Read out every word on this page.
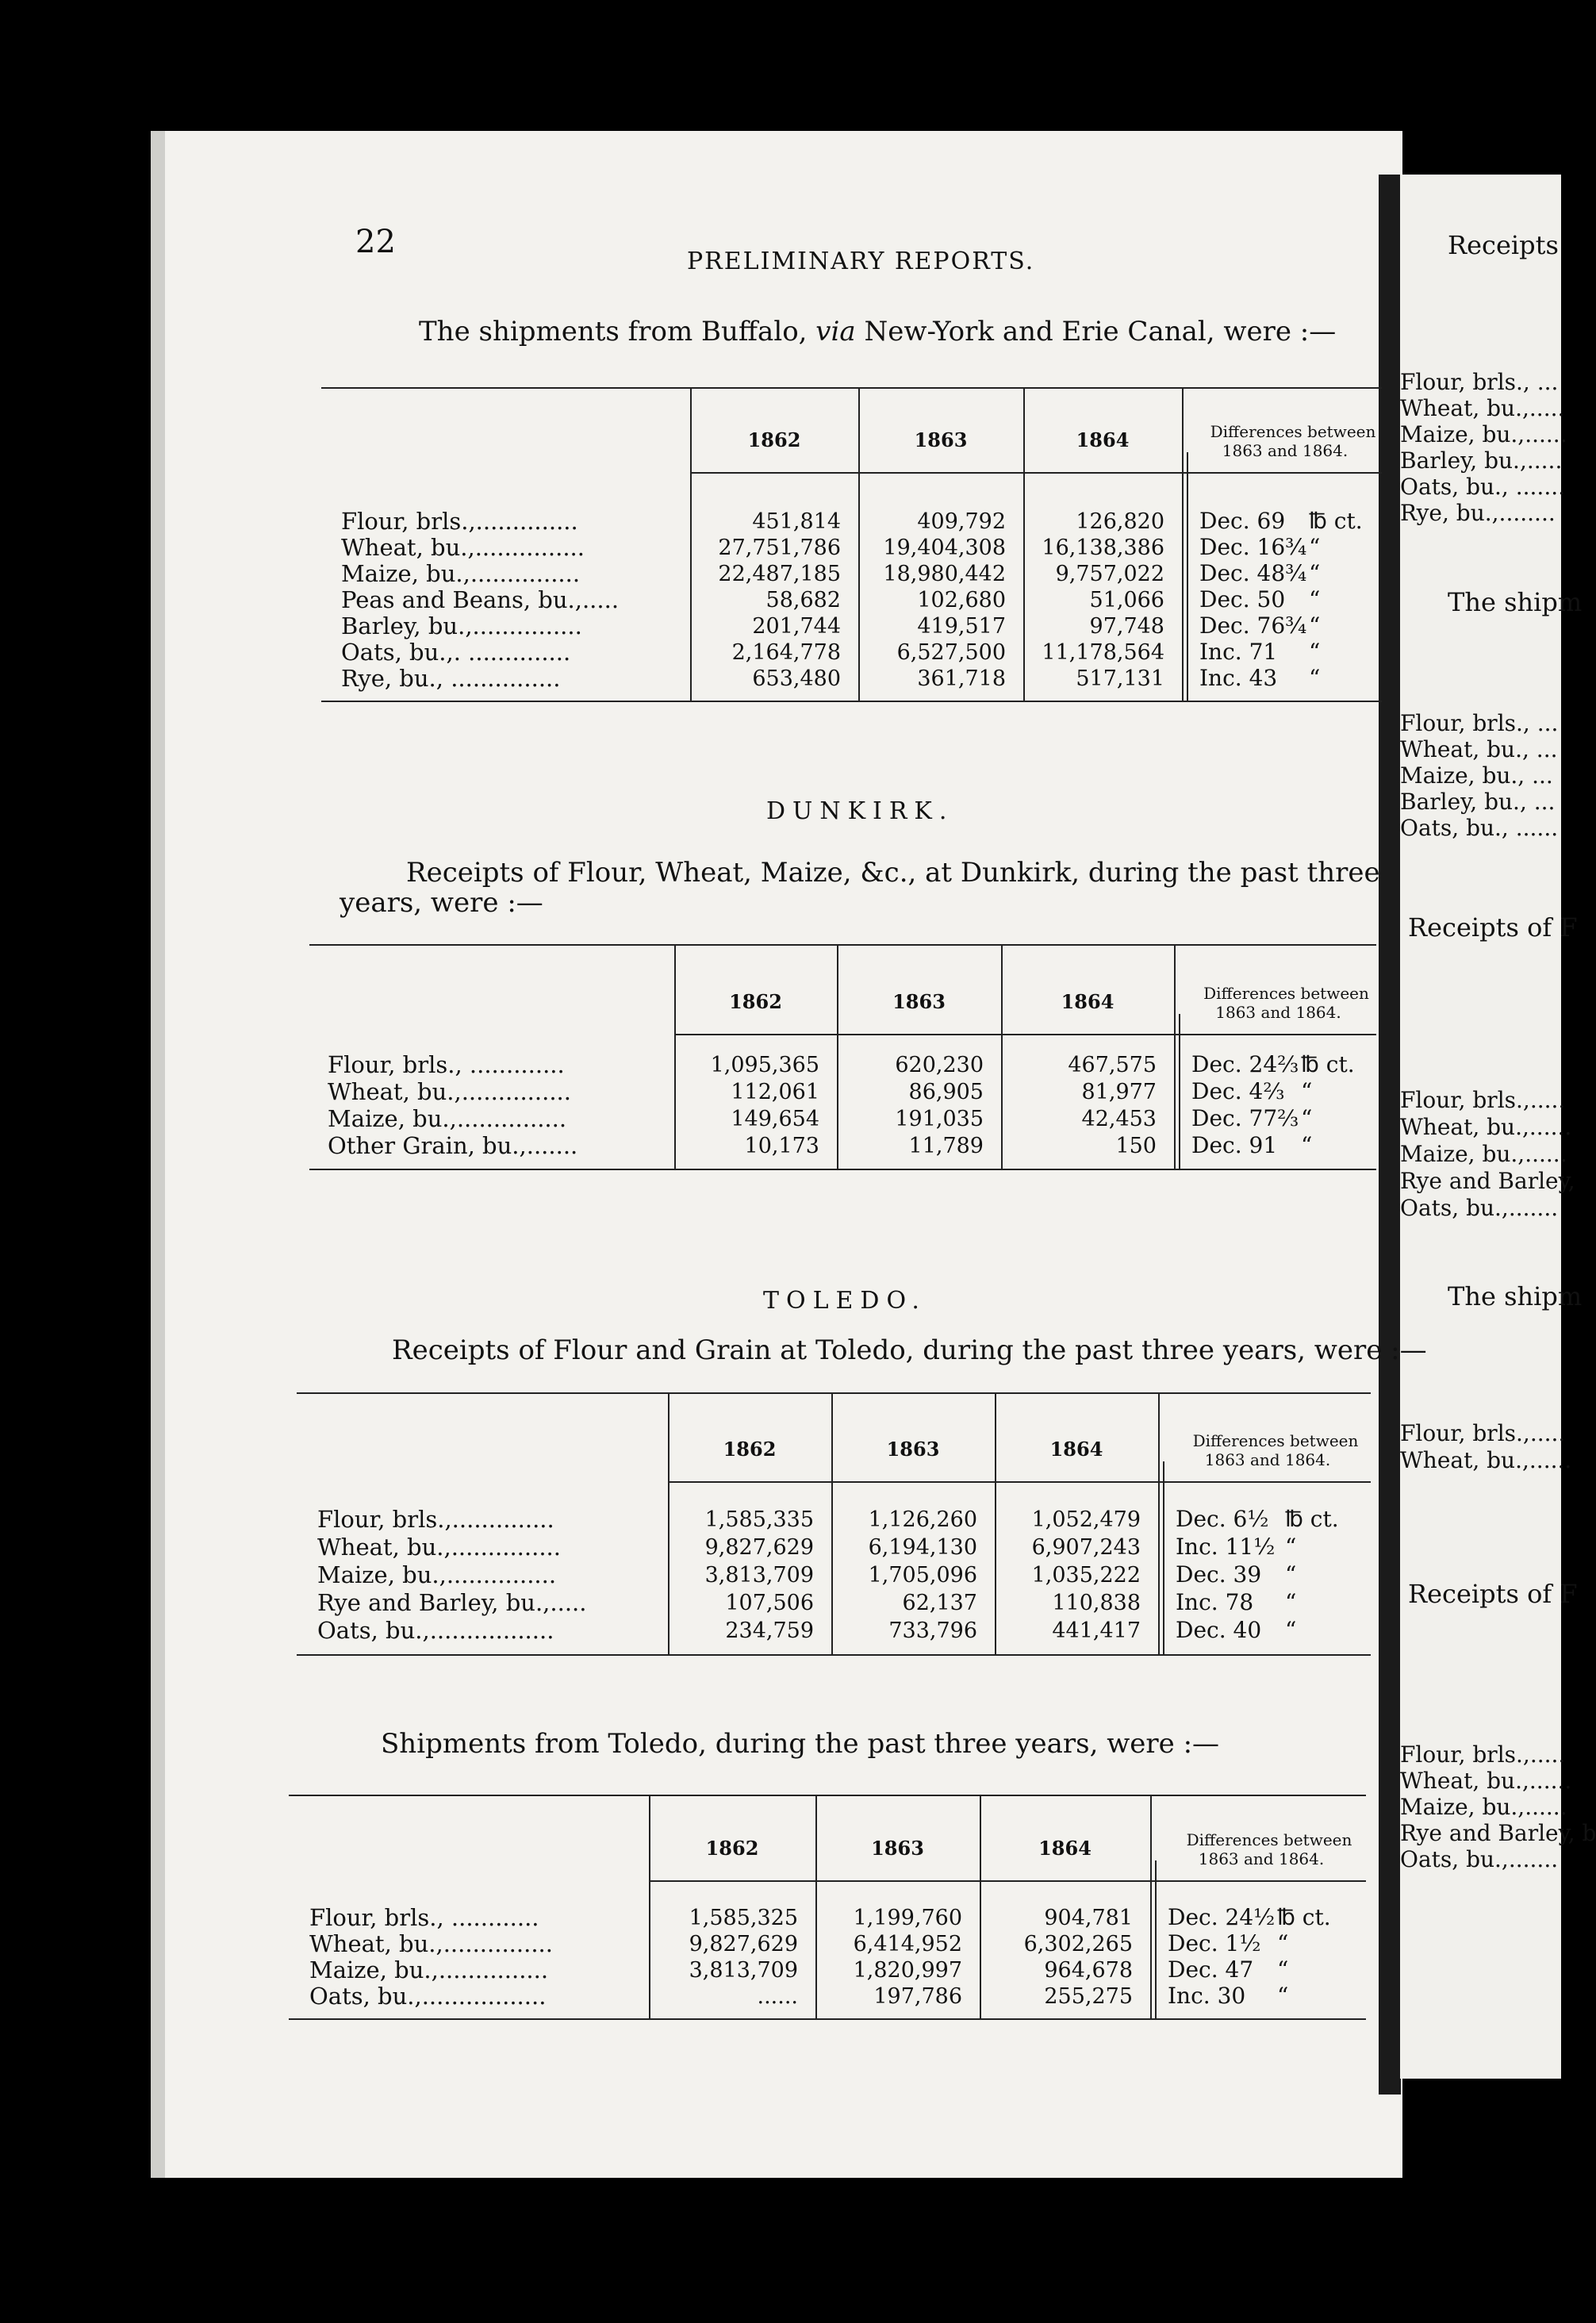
Receipts
Flour, brls., ...
Wheat, bu.,.....
Maize, bu.,......
Barley, bu.,.....
Oats, bu., .......
Rye, bu.,........
The shipm
Flour, brls., ...
Wheat, bu., ...
Maize, bu., ...
Barley, bu., ...
Oats, bu., ......
Receipts of F
Flour, brls.,.....
Wheat, bu.,......
Maize, bu.,......
Rye and Barley,
Oats, bu.,.......
The shipm
Flour, brls.,.....
Wheat, bu.,......
Receipts of F
Flour, brls.,.....
Wheat, bu.,......
Maize, bu.,......
Rye and Barley, b
Oats, bu.,.......
22
PRELIMINARY REPORTS.
The shipments from Buffalo, via New-York and Erie Canal, were :—
1862	1863	1864	Differences between
1863 and 1864.
Flour, brls.,..............	451,814	409,792	126,820 Dec. 69 ℔ ct.
Wheat, bu.,...............	27,751,786	19,404,308	16,138,386 Dec. 16¾ “
Maize, bu.,...............	22,487,185	18,980,442	9,757,022 Dec. 48¾ “
Peas and Beans, bu.,.....	58,682	102,680	51,066 Dec. 50 “
Barley, bu.,...............	201,744	419,517	97,748 Dec. 76¾ “
Oats, bu.,. ..............	2,164,778	6,527,500	11,178,564 Inc. 71 “
Rye, bu., ...............	653,480	361,718	517,131 Inc. 43 “
1862	1863	1864	Differences between
1863 and 1864.
Flour, brls., .............	1,095,365	620,230	467,575 Dec. 24⅔ ℔ ct.
Wheat, bu.,...............	112,061	86,905	81,977 Dec. 4⅔ “
Maize, bu.,...............	149,654	191,035	42,453 Dec. 77⅔ “
Other Grain, bu.,.......	10,173	11,789	150 Dec. 91 “
1862	1863	1864	Differences between
1863 and 1864.
Flour, brls.,..............	1,585,335	1,126,260	1,052,479 Dec. 6½ ℔ ct.
Wheat, bu.,...............	9,827,629	6,194,130	6,907,243 Inc. 11½ “
Maize, bu.,...............	3,813,709	1,705,096	1,035,222 Dec. 39 “
Rye and Barley, bu.,.....	107,506	62,137	110,838 Inc. 78 “
Oats, bu.,.................	234,759	733,796	441,417 Dec. 40 “
1862	1863	1864	Differences between
1863 and 1864.
Flour, brls., ............	1,585,325	1,199,760	904,781 Dec. 24½ ℔ ct.
Wheat, bu.,...............	9,827,629	6,414,952	6,302,265 Dec. 1½ “
Maize, bu.,...............	3,813,709	1,820,997	964,678 Dec. 47 “
Oats, bu.,.................	......	197,786	255,275 Inc. 30 “
DUNKIRK.
Receipts of Flour, Wheat, Maize, &c., at Dunkirk, during the past three
years, were :—
TOLEDO.
Receipts of Flour and Grain at Toledo, during the past three years, were :—
Shipments from Toledo, during the past three years, were :—
